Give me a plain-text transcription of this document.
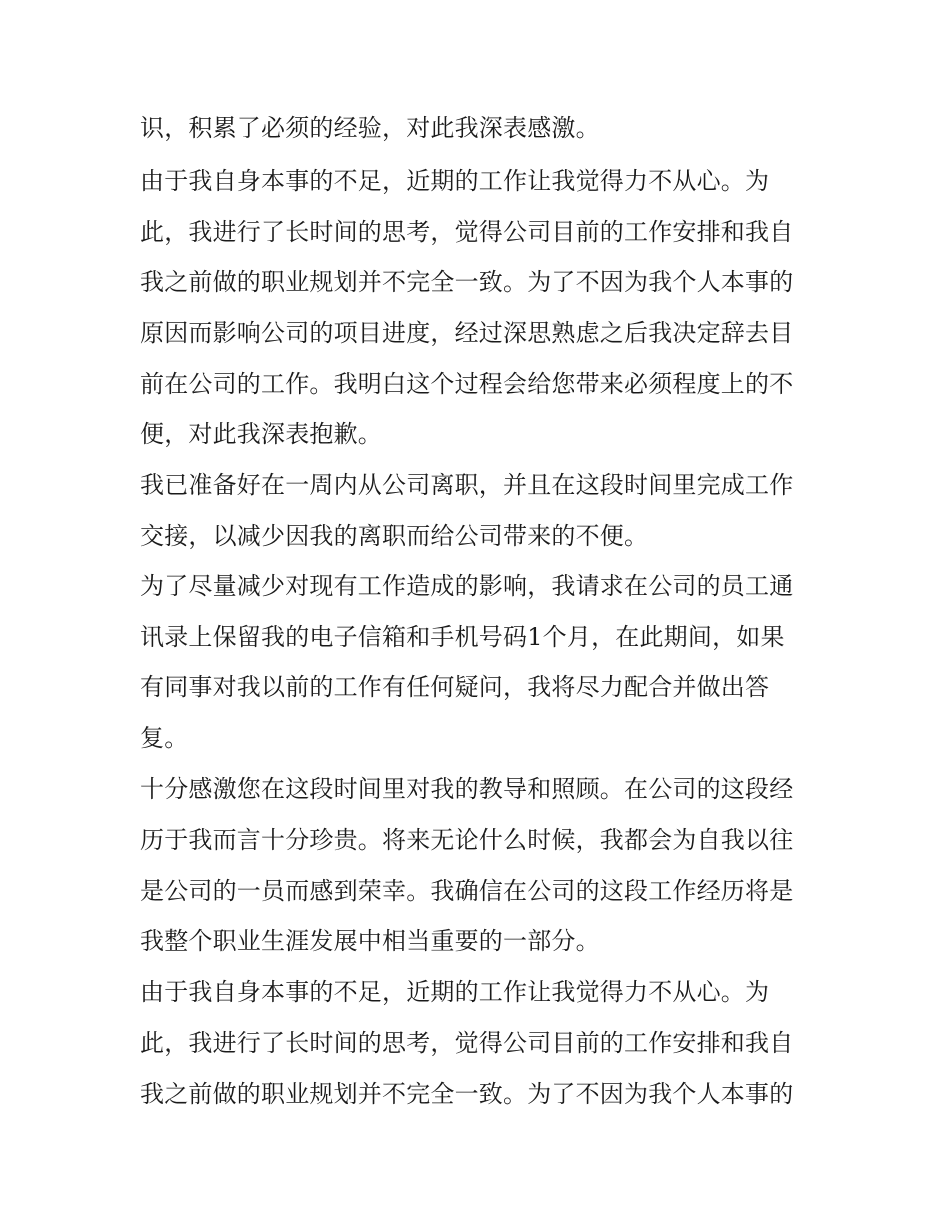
识，积累了必须的经验，对此我深表感激。
由于我自身本事的不足，近期的工作让我觉得力不从心。为
此，我进行了长时间的思考，觉得公司目前的工作安排和我自
我之前做的职业规划并不完全一致。为了不因为我个人本事的
原因而影响公司的项目进度，经过深思熟虑之后我决定辞去目
前在公司的工作。我明白这个过程会给您带来必须程度上的不
便，对此我深表抱歉。
我已准备好在一周内从公司离职，并且在这段时间里完成工作
交接，以减少因我的离职而给公司带来的不便。
为了尽量减少对现有工作造成的影响，我请求在公司的员工通
讯录上保留我的电子信箱和手机号码1个月，在此期间，如果
有同事对我以前的工作有任何疑问，我将尽力配合并做出答
复。
十分感激您在这段时间里对我的教导和照顾。在公司的这段经
历于我而言十分珍贵。将来无论什么时候，我都会为自我以往
是公司的一员而感到荣幸。我确信在公司的这段工作经历将是
我整个职业生涯发展中相当重要的一部分。
由于我自身本事的不足，近期的工作让我觉得力不从心。为
此，我进行了长时间的思考，觉得公司目前的工作安排和我自
我之前做的职业规划并不完全一致。为了不因为我个人本事的
